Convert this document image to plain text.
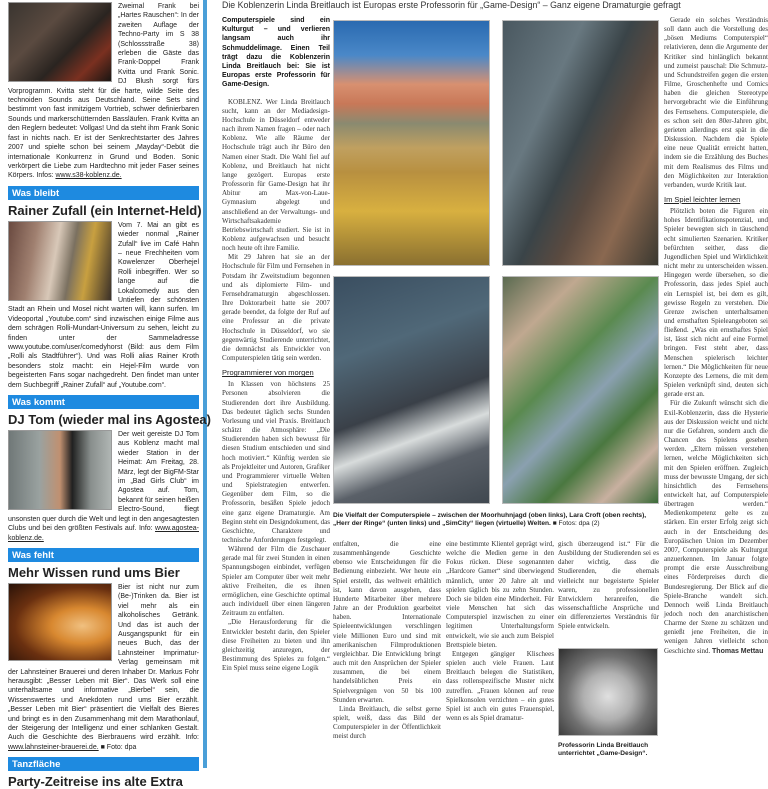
Zweimal Frank bei „Hartes Rauschen“: In der zweiten Auflage der Techno-Party im S 38 (Schlossstraße 38) erleben die Gäste das Frank-Doppel Frank Kvitta und Frank Sonic. DJ Blush sorgt fürs Vorprogramm. Kvitta steht für die harte, wilde Seite des technoiden Sounds aus Deutschland. Seine Sets sind bestimmt von fast inmitzigem Vortrieb, schwer definierbaren Sounds und markerschütternden Bassläufen. Frank Kvitta an den Reglern bedeutet: Vollgas! Und da steht ihm Frank Sonic fast in nichts nach. Er ist der Senkrechtstarter des Jahres 2007 und spielte schon bei seinem „Mayday“-Debüt die internationale Konkurrenz in Grund und Boden. Sonic verkörpert die Liebe zum Hardtechno mit jeder Faser seines Körpers. Infos: www.s38-koblenz.de.
Was bleibt
Rainer Zufall (ein Internet-Held)
Vom 7. Mai an gibt es wieder nonmal „Rainer Zufall“ live im Café Hahn – neue Frechheiten vom Kowelenzer Oberhejel Rolli inbegriffen. Wer so lange auf die Lokalcomedy aus den Untiefen der schönsten Stadt an Rhein und Mosel nicht warten will, kann surfen. Im Videoportal „Youtube.com“ sind inzwischen einige Filme aus dem schrägen Rolli-Mundart-Universum zu sehen, leicht zu finden unter der Sammeladresse www.youtube.com/user/comedyhorst (Bild: aus dem Film „Rolli als Stadtführer“). Und was Rolli alias Rainer Kroth besonders stolz macht: ein Hejel-Film wurde von begeisterten Fans sogar nachgedreht. Den findet man unter dem Suchbegriff „Rainer Zufall“ auf „Youtube.com“.
Was kommt
DJ Tom (wieder mal ins Agostea)
Der weit gereiste DJ Tom aus Koblenz macht mal wieder Station in der Heimat: Am Freitag, 28. März, legt der BigFM-Star im „Bad Girls Club“ im Agostea auf. Tom, bekannt für seinen heißen Electro-Sound, fliegt unsonsten quer durch die Welt und legt in den angesagtesten Clubs und bei den größten Festivals auf. Info: www.agostea-koblenz.de.
Was fehlt
Mehr Wissen rund ums Bier
Bier ist nicht nur zum (Be-)Trinken da. Bier ist viel mehr als ein alkoholisches Getränk. Und das ist auch der Ausgangspunkt für ein neues Buch, das der Lahnsteiner Imprimatur-Verlag gemeinsam mit der Lahnsteiner Brauerei und deren Inhaber Dr. Markus Fohr herausgibt: „Besser Leben mit Bier“. Das Werk soll eine unterhaltsame und informative „Bierbel“ sein, die Wissenswertes und Anekdoten rund ums Bier erzählt. „Besser Leben mit Bier“ präsentiert die Vielfalt des Bieres und bringt es in den Zusammenhang mit dem Marathonlauf, der Steigerung der Intelligenz und einer schlanken Gestalt. Auch die Geschichte des Bierbrauens wird erzählt. Info: www.lahnsteiner-brauerei.de. ■ Foto: dpa
Tanzfläche
Party-Zeitreise ins alte Extra
Die Koblenzerin Linda Breitlauch ist Europas erste Professorin für „Game-Design“ – Ganz eigene Dramaturgie gefragt

Computerspiele sind ein Kulturgut – und verlieren langsam auch ihr Schmuddelimage. Einen Teil trägt dazu die Koblenzerin Linda Breitlauch bei: Sie ist Europas erste Professorin für Game-Design.

KOBLENZ. Wer Linda Breitlauch sucht, kann an der Mediadesign-Hochschule in Düsseldorf entweder nach ihrem Namen fragen – oder nach Koblenz. Wie alle Räume der Hochschule trägt auch ihr Büro den Namen einer Stadt. Die Wahl fiel auf Koblenz, und Breitlauch hat nicht lange gezögert. Europas erste Professorin für Game-Design hat ihr Abitur am Max-von-Laue-Gymnasium abgelegt und anschließend an der Verwaltungs- und Wirtschaftsakademie Betriebswirtschaft studiert. Sie ist in Koblenz aufgewachsen und besucht noch heute oft ihre Familie.

Mit 29 Jahren hat sie an der Hochschule für Film und Fernsehen in Potsdam ihr Zweitstudium begonnen und als diplomierte Film- und Fernsehdramaturgin abgeschlossen. Ihre Doktorarbeit hatte sie 2007 gerade beendet, da folgte der Ruf auf eine Professur an die private Hochschule in Düsseldorf, wo sie gegenwärtig Studierende unterrichtet, die demnächst als Entwickler von Computerspielen tätig sein werden.

Programmierer von morgen

In Klassen von höchstens 25 Personen absolvieren die Studierenden dort ihre Ausbildung. Das bedeutet täglich sechs Stunden Vorlesung und viel Praxis. Breitlauch schätzt die Atmosphäre: „Die Studierenden haben sich bewusst für diesen Studium entschieden und sind hoch motiviert.“ Künftig werden sie als Projektleiter und Autoren, Grafiker und Programmierer virtuelle Welten und Spielstrategien entwerfen. Gegenüber dem Film, so die Professorin, besäßen Spiele jedoch eine ganz eigene Dramaturgie. Am Beginn steht ein Designdokument, das Geschichte, Charaktere und technische Anforderungen festgelegt.

Während der Film die Zuschauer gerade mal für zwei Stunden in einen Spannungsbogen einbindet, verfügen Spieler am Computer über weit mehr aktive Freiheiten, die es ihnen ermöglichen, eine Geschichte optimal auch individuell über einen längeren Zeitraum zu entfalten.

„Die Herausforderung für die Entwickler besteht darin, den Spieler diese Freiheiten zu bieten und ihn gleichzeitig anzuregen, der Bestimmung des Spieles zu folgen.“ Ein Spiel muss seine eigene Logik

Die Vielfalt der Computerspiele – zwischen der Moorhuhnjagd (oben links), Lara Croft (oben rechts), „Herr der Ringe“ (unten links) und „SimCity“ liegen (virtuelle) Welten. ■ Fotos: dpa (2)

entfalten, die eine zusammenhängende Geschichte ebenso wie Entscheidungen für die Bedienung einbezieht. Wer heute ein Spiel erstellt, das weltweit erhältlich ist, kann davon ausgehen, dass Hunderte Mitarbeiter über mehrere Jahre an der Produktion gearbeitet haben. Internationale Spieleentwicklungen verschlingen viele Millionen Euro und sind mit amerikanischen Filmproduktionen vergleichbar. Die Entwicklung bringt auch mit den Ansprüchen der Spieler zusammen, die bei einem handelsüblichen Preis ein Spielvergnügen von 50 bis 100 Stunden erwarten.

Linda Breitlauch, die selbst gerne spielt, weiß, dass das Bild der Computerspieler in der Öffentlichkeit meist durch

eine bestimmte Klientel geprägt wird, welche die Medien gerne in den Fokus rücken. Diese sogenannten „Hardcore Gamer“ sind überwiegend männlich, unter 20 Jahre alt und spielen täglich bis zu zehn Stunden. Doch sie bilden eine Minderheit. Für viele Menschen hat sich das Computerspiel inzwischen zu einer legitimen Unterhaltungsform entwickelt, wie sie auch zum Beispiel Brettspiele bieten.

Entgegen gängiger Klischees spielen auch viele Frauen. Laut Breitlauch belegen die Statistiken, dass rollenspezifische Muster nicht zutreffen. „Frauen können auf reue Spielkonsolen verzichten – ein gutes Spiel ist auch ein gutes Frauenspiel, wenn es als Spiel dramatur-

gisch überzeugend ist.“ Für die Ausbildung der Studierenden sei es daher wichtig, dass die Studierenden, die ehemals vielleicht nur begeisterte Spieler waren, zu professionellen Entwicklern heranreifen, die wissenschaftliche Ansprüche und ein differenziertes Verständnis für Spiele entwickeln.

Professorin Linda Breitlauch unterrichtet „Game-Design“.

Gerade ein solches Verständnis soll dann auch die Vorstellung des „bösen Mediums Computerspiel“ relativieren, denn die Argumente der Kritiker sind hinlänglich bekannt und zumeist pauschal: Die Schmutz- und Schundstreifen gegen die ersten Filme, Groschenhefte und Comics haben die gleichen Stereotype hervorgebracht wie die Einführung des Fernsehens. Computerspiele, die es schon seit den 80er-Jahren gibt, gerieten allerdings erst spät in die Diskussion. Nachdem die Spiele eine neue Qualität erreicht hatten, indem sie die Erzählung des Buches mit dem Realismus des Films und den Möglichkeiten zur Interaktion verbanden, wurde Kritik laut.

Im Spiel leichter lernen

Plötzlich boten die Figuren ein hohes Identifikationspotenzial, und Spieler bewegten sich in täuschend echt simulierten Szenarien. Kritiker befürchten seither, dass die Jugendlichen Spiel und Wirklichkeit nicht mehr zu unterscheiden wissen. Hingegen werde übersehen, so die Professorin, dass jedes Spiel auch ein Lernspiel ist, bei dem es gilt, gewisse Regeln zu verstehen. Die Grenze zwischen unterhaltsamen und ernsthaften Spieleangeboten sei fließend. „Was ein ernsthaftes Spiel ist, lässt sich nicht auf eine Formel bringen. Fest steht aber, dass Menschen spielerisch leichter lernen.“ Die Möglichkeiten für neue Konzepte des Lernens, die mit dem Spielen verknüpft sind, deuten sich gerade erst an.

Für die Zukunft wünscht sich die Exil-Koblenzerin, dass die Hysterie aus der Diskussion weicht und nicht nur die Gefahren, sondern auch die Chancen des Spielens gesehen werden. „Eltern müssen verstehen lernen, welche Möglichkeiten sich mit den Spielen eröffnen. Zugleich muss der bewusste Umgang, der sich hinsichtlich des Fernsehens entwickelt hat, auf Computerspiele übertragen werden.“ Medienkompetenz gelte es zu stärken. Ein erster Erfolg zeigt sich auch in der Entscheidung des Europäischen Union im Dezember 2007, Computerspiele als Kulturgut anzuerkennen. Im Januar folgte prompt die erste Ausschreibung eines Förderpreises durch die Bundesregierung. Der Blick auf die Spiele-Branche wandelt sich. Dennoch weiß Linda Breitlauch jedoch noch den anarchistischen Charme der Szene zu schätzen und genießt jene Freiheiten, die in wenigen Jahren vielleicht schon Geschichte sind. Thomas Mettau
